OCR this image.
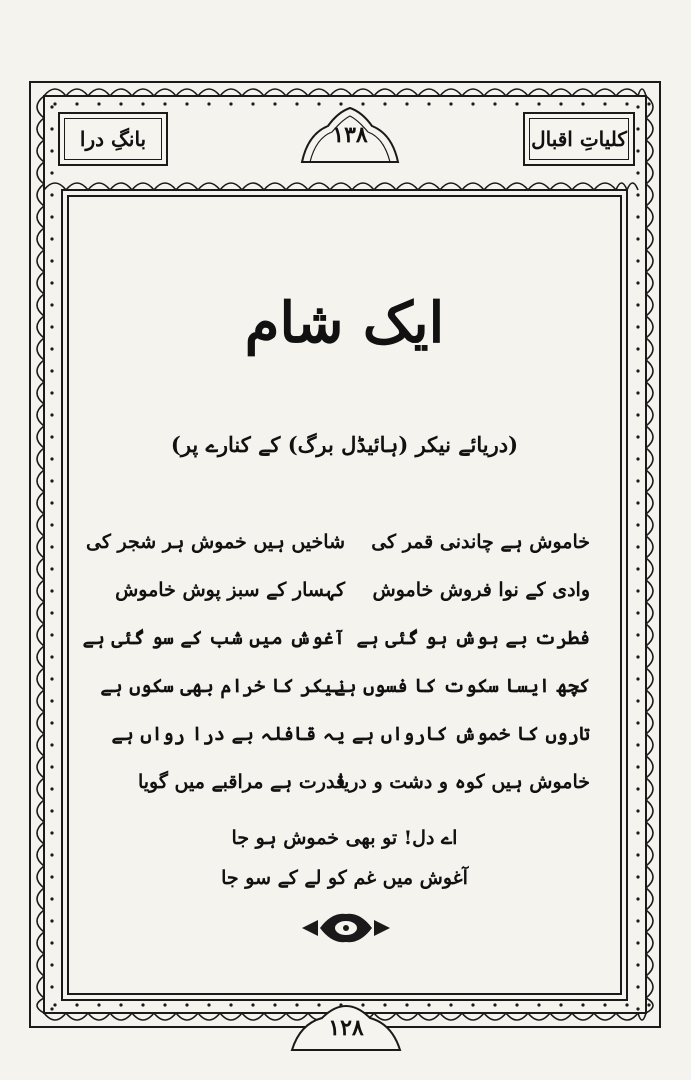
بانگِ درا	۱۳۸	کلیاتِ اقبال
ایک شام
(دریائے نیکر (ہائیڈل برگ) کے کنارے پر)
خاموش ہے چاندنی قمر کی
شاخیں ہیں خموش ہر شجر کی
وادی کے نوا فروش خاموش
کہسار کے سبز پوش خاموش
فطرت بے ہوش ہو گئی ہے
آغوش میں شب کے سو گئی ہے
کچھ ایسا سکوت کا فسوں ہے
نیکر کا خرام بھی سکوں ہے
تاروں کا خموش کارواں ہے
یہ قافلہ بے درا رواں ہے
خاموش ہیں کوہ و دشت و دریا
قدرت ہے مراقبے میں گویا
اے دل! تو بھی خموش ہو جا
آغوش میں غم کو لے کے سو جا
۱۲۸
